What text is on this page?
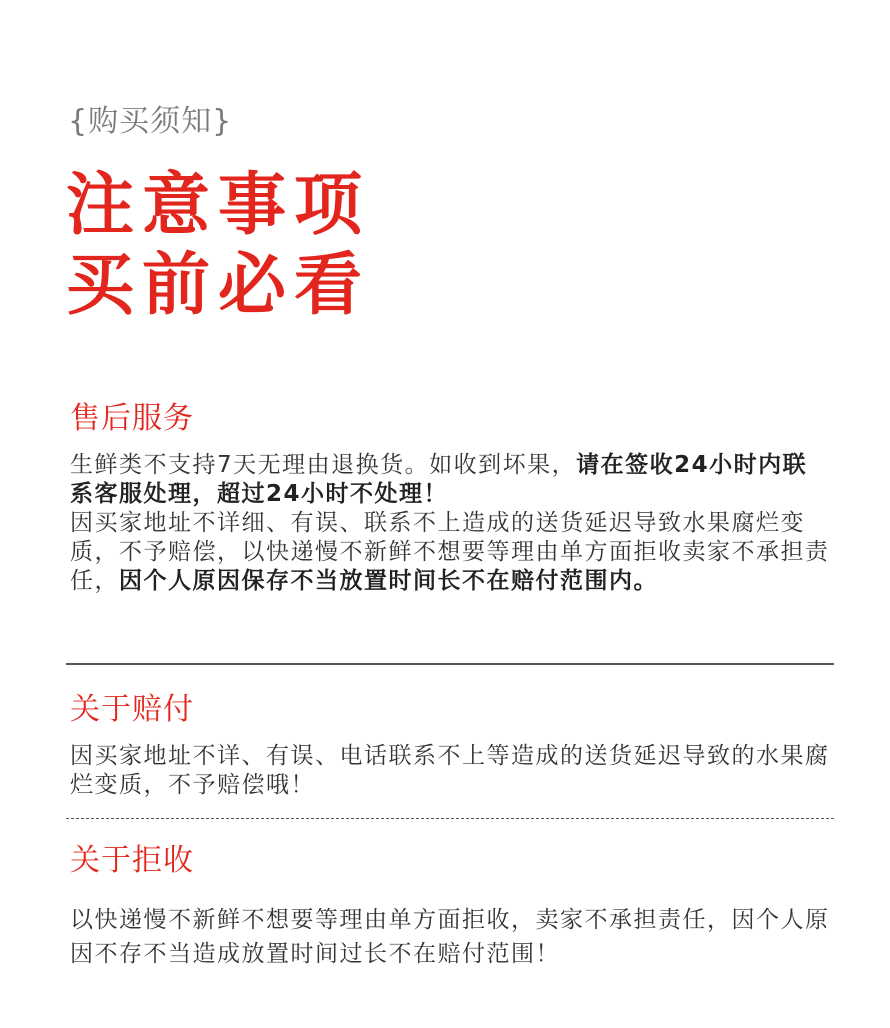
{购买须知}
注意事项
买前必看
售后服务
生鲜类不支持7天无理由退换货。如收到坏果，请在签收24小时内联系客服处理，超过24小时不处理！
因买家地址不详细、有误、联系不上造成的送货延迟导致水果腐烂变质，不予赔偿，以快递慢不新鲜不想要等理由单方面拒收卖家不承担责任，因个人原因保存不当放置时间长不在赔付范围内。
关于赔付
因买家地址不详、有误、电话联系不上等造成的送货延迟导致的水果腐烂变质，不予赔偿哦！
关于拒收
以快递慢不新鲜不想要等理由单方面拒收，卖家不承担责任，因个人原因不存不当造成放置时间过长不在赔付范围！
